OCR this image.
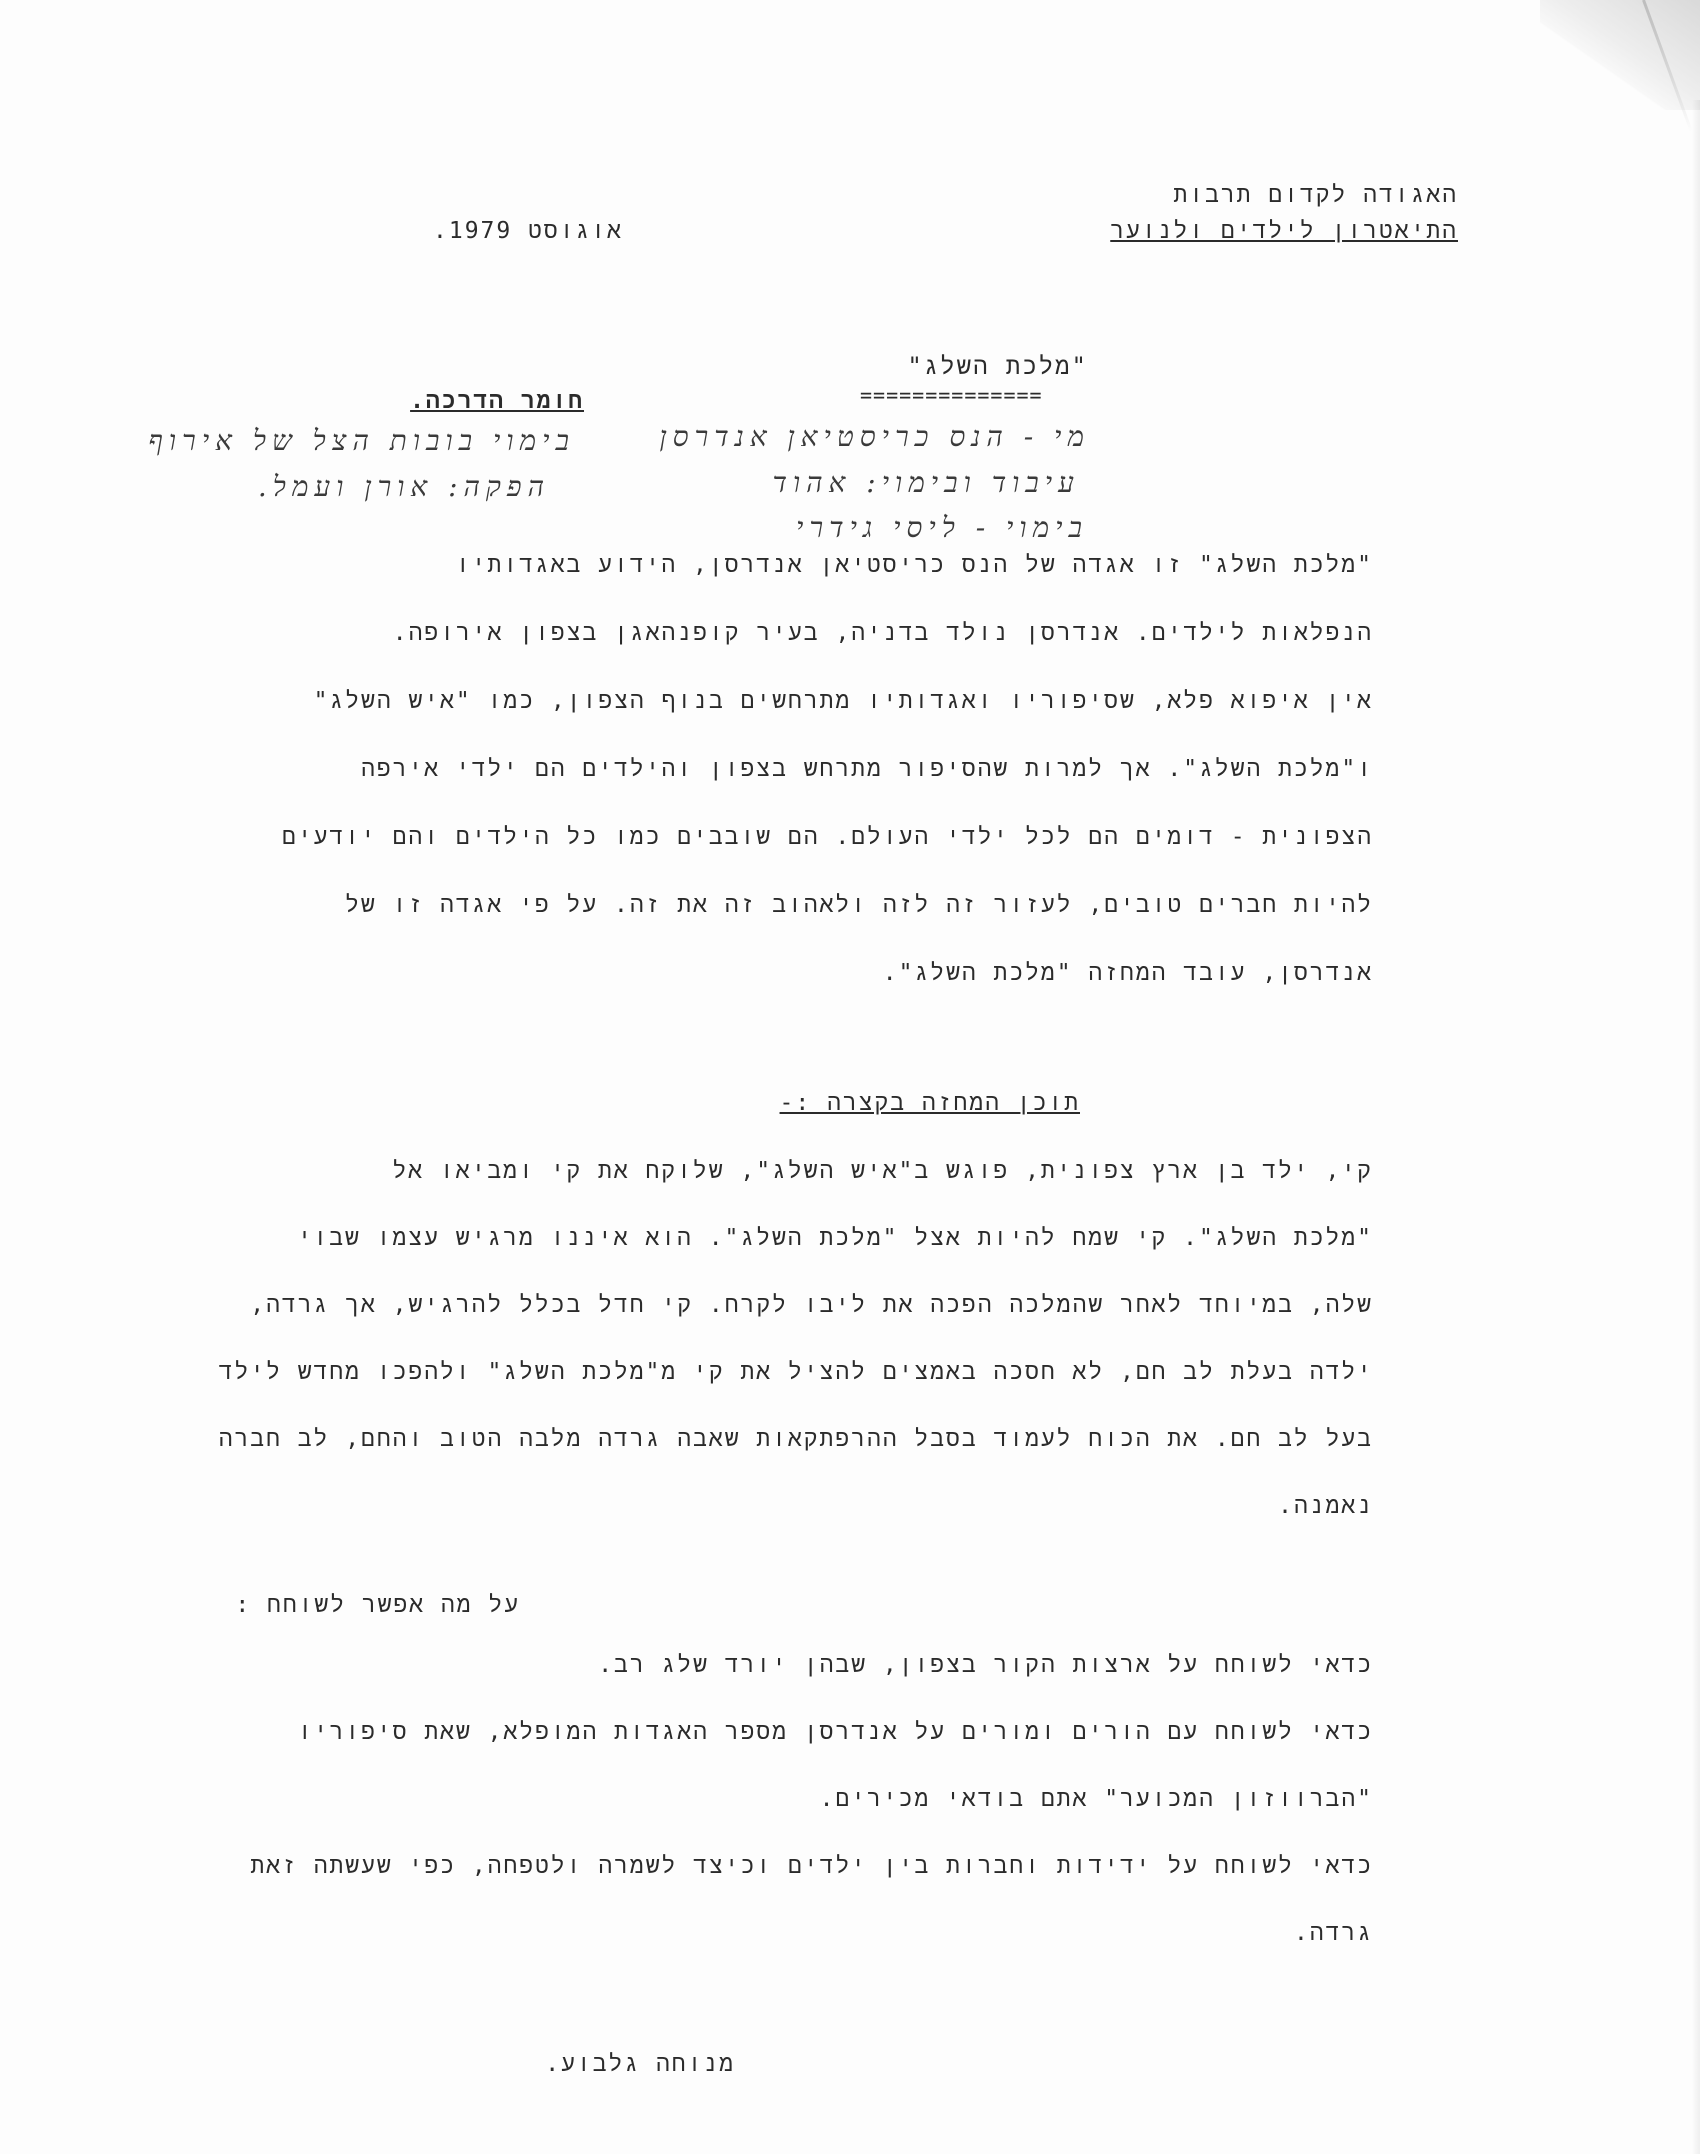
האגודה לקדום תרבות
התיאטרון לילדים ולנוער
אוגוסט 1979.
"מלכת השלג"
==============
חומר הדרכה.
מי - הנס כריסטיאן אנדרסן
בימוי בובות הצל של אירוף
עיבוד ובימוי: אהוד
הפקה: אורן ועמל.
בימוי - ליסי גידרי
"מלכת השלג" זו אגדה של הנס כריסטיאן אנדרסן, הידוע באגדותיו
הנפלאות לילדים. אנדרסן נולד בדניה, בעיר קופנהאגן בצפון אירופה.
אין איפוא פלא, שסיפוריו ואגדותיו מתרחשים בנוף הצפון, כמו "איש השלג"
ו"מלכת השלג". אך למרות שהסיפור מתרחש בצפון והילדים הם ילדי אירפה
הצפונית - דומים הם לכל ילדי העולם. הם שובבים כמו כל הילדים והם יודעים
להיות חברים טובים, לעזור זה לזה ולאהוב זה את זה. על פי אגדה זו של
אנדרסן, עובד המחזה "מלכת השלג".
תוכן המחזה בקצרה :-
קי, ילד בן ארץ צפונית, פוגש ב"איש השלג", שלוקח את קי ומביאו אל
"מלכת השלג". קי שמח להיות אצל "מלכת השלג". הוא איננו מרגיש עצמו שבוי
שלה, במיוחד לאחר שהמלכה הפכה את ליבו לקרח. קי חדל בכלל להרגיש, אך גרדה,
ילדה בעלת לב חם, לא חסכה באמצים להציל את קי מ"מלכת השלג" ולהפכו מחדש לילד
בעל לב חם. את הכוח לעמוד בסבל ההרפתקאות שאבה גרדה מלבה הטוב והחם, לב חברה
נאמנה.
על מה אפשר לשוחח :
כדאי לשוחח על ארצות הקור בצפון, שבהן יורד שלג רב.
כדאי לשוחח עם הורים ומורים על אנדרסן מספר האגדות המופלא, שאת סיפוריו
"הברווזון המכוער" אתם בודאי מכירים.
כדאי לשוחח על ידידות וחברות בין ילדים וכיצד לשמרה ולטפחה, כפי שעשתה זאת
גרדה.
מנוחה גלבוע.
